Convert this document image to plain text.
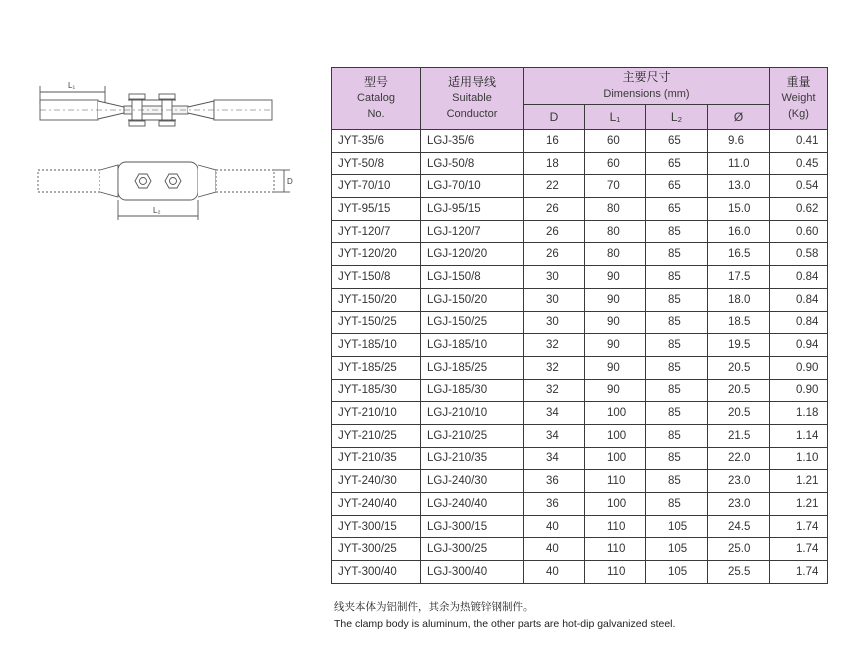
L₁
L₂
D
型号
Catalog
No.	适用导线
Suitable
Conductor	主要尺寸
Dimensions (mm)				重量
Weight
(Kg)

		D	L₁	L₂	Ø	
JYT-35/6	LGJ-35/6	16	60	65	9.6	0.41
JYT-50/8	LGJ-50/8	18	60	65	11.0	0.45
JYT-70/10	LGJ-70/10	22	70	65	13.0	0.54
JYT-95/15	LGJ-95/15	26	80	65	15.0	0.62
JYT-120/7	LGJ-120/7	26	80	85	16.0	0.60
JYT-120/20	LGJ-120/20	26	80	85	16.5	0.58
JYT-150/8	LGJ-150/8	30	90	85	17.5	0.84
JYT-150/20	LGJ-150/20	30	90	85	18.0	0.84
JYT-150/25	LGJ-150/25	30	90	85	18.5	0.84
JYT-185/10	LGJ-185/10	32	90	85	19.5	0.94
JYT-185/25	LGJ-185/25	32	90	85	20.5	0.90
JYT-185/30	LGJ-185/30	32	90	85	20.5	0.90
JYT-210/10	LGJ-210/10	34	100	85	20.5	1.18
JYT-210/25	LGJ-210/25	34	100	85	21.5	1.14
JYT-210/35	LGJ-210/35	34	100	85	22.0	1.10
JYT-240/30	LGJ-240/30	36	110	85	23.0	1.21
JYT-240/40	LGJ-240/40	36	100	85	23.0	1.21
JYT-300/15	LGJ-300/15	40	110	105	24.5	1.74
JYT-300/25	LGJ-300/25	40	110	105	25.0	1.74
JYT-300/40	LGJ-300/40	40	110	105	25.5	1.74
线夹本体为铝制件，其余为热镀锌钢制件。
The clamp body is aluminum, the other parts are hot-dip galvanized steel.
